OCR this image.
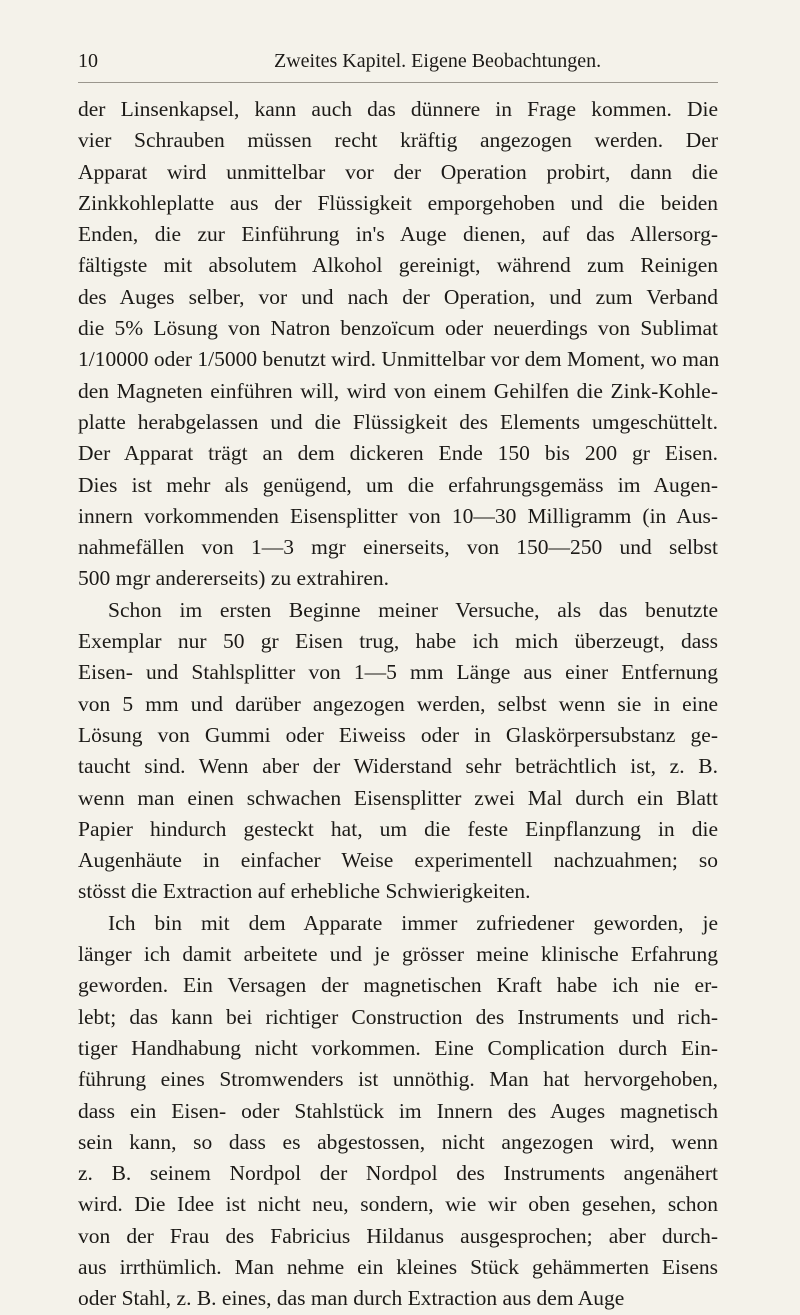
10	Zweites Kapitel. Eigene Beobachtungen.
der Linsenkapsel, kann auch das dünnere in Frage kommen. Die
vier Schrauben müssen recht kräftig angezogen werden. Der
Apparat wird unmittelbar vor der Operation probirt, dann die
Zinkkohleplatte aus der Flüssigkeit emporgehoben und die beiden
Enden, die zur Einführung in's Auge dienen, auf das Allersorg-
fältigste mit absolutem Alkohol gereinigt, während zum Reinigen
des Auges selber, vor und nach der Operation, und zum Verband
die 5% Lösung von Natron benzoïcum oder neuerdings von Sublimat
1/10000 oder 1/5000 benutzt wird. Unmittelbar vor dem Moment, wo man
den Magneten einführen will, wird von einem Gehilfen die Zink-Kohle-
platte herabgelassen und die Flüssigkeit des Elements umgeschüttelt.
Der Apparat trägt an dem dickeren Ende 150 bis 200 gr Eisen.
Dies ist mehr als genügend, um die erfahrungsgemäss im Augen-
innern vorkommenden Eisensplitter von 10—30 Milligramm (in Aus-
nahmefällen von 1—3 mgr einerseits, von 150—250 und selbst
500 mgr andererseits) zu extrahiren.
Schon im ersten Beginne meiner Versuche, als das benutzte
Exemplar nur 50 gr Eisen trug, habe ich mich überzeugt, dass
Eisen- und Stahlsplitter von 1—5 mm Länge aus einer Entfernung
von 5 mm und darüber angezogen werden, selbst wenn sie in eine
Lösung von Gummi oder Eiweiss oder in Glaskörpersubstanz ge-
taucht sind. Wenn aber der Widerstand sehr beträchtlich ist, z. B.
wenn man einen schwachen Eisensplitter zwei Mal durch ein Blatt
Papier hindurch gesteckt hat, um die feste Einpflanzung in die
Augenhäute in einfacher Weise experimentell nachzuahmen; so
stösst die Extraction auf erhebliche Schwierigkeiten.
Ich bin mit dem Apparate immer zufriedener geworden, je
länger ich damit arbeitete und je grösser meine klinische Erfahrung
geworden. Ein Versagen der magnetischen Kraft habe ich nie er-
lebt; das kann bei richtiger Construction des Instruments und rich-
tiger Handhabung nicht vorkommen. Eine Complication durch Ein-
führung eines Stromwenders ist unnöthig. Man hat hervorgehoben,
dass ein Eisen- oder Stahlstück im Innern des Auges magnetisch
sein kann, so dass es abgestossen, nicht angezogen wird, wenn
z. B. seinem Nordpol der Nordpol des Instruments angenähert
wird. Die Idee ist nicht neu, sondern, wie wir oben gesehen, schon
von der Frau des Fabricius Hildanus ausgesprochen; aber durch-
aus irrthümlich. Man nehme ein kleines Stück gehämmerten Eisens
oder Stahl, z. B. eines, das man durch Extraction aus dem Auge
